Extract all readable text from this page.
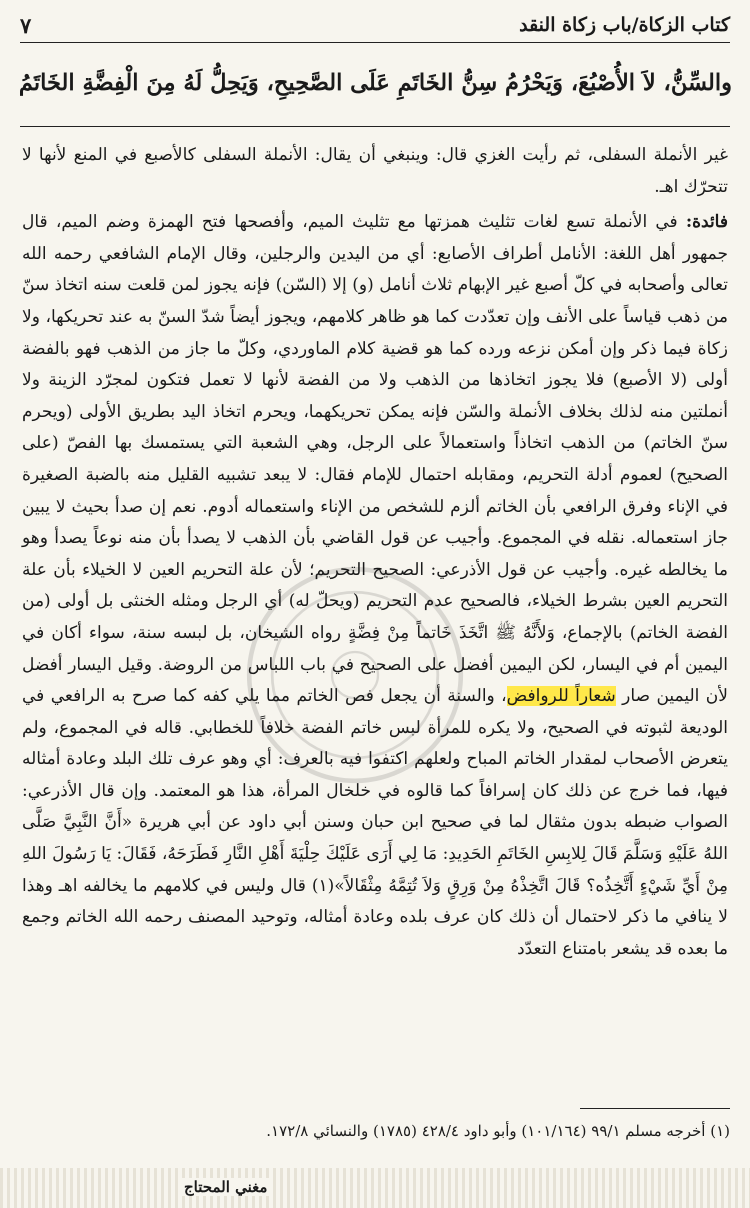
كتاب الزكاة/باب زكاة النقد
٧
والسِّنُّ، لاَ الأُصْبُعَ، وَيَحْرُمُ سِنُّ الخَاتَمِ عَلَى الصَّحِيحِ، وَيَحِلُّ لَهُ مِنَ الْفِضَّةِ الخَاتَمُ

غير الأنملة السفلى، ثم رأيت الغزي قال: وينبغي أن يقال: الأنملة السفلى كالأصبع في المنع لأنها لا تتحرّك اهـ.

فائدة: في الأنملة تسع لغات تثليث همزتها مع تثليث الميم، وأفصحها فتح الهمزة وضم الميم، قال جمهور أهل اللغة: الأنامل أطراف الأصابع: أي من اليدين والرجلين، وقال الإمام الشافعي رحمه الله تعالى وأصحابه في كلّ أصبع غير الإبهام ثلاث أنامل (و) إلا (السّن) فإنه يجوز لمن قلعت سنه اتخاذ سنّ من ذهب قياساً على الأنف وإن تعدّدت كما هو ظاهر كلامهم، ويجوز أيضاً شدّ السنّ به عند تحريكها، ولا زكاة فيما ذكر وإن أمكن نزعه ورده كما هو قضية كلام الماوردي، وكلّ ما جاز من الذهب فهو بالفضة أولى (لا الأصبع) فلا يجوز اتخاذها من الذهب ولا من الفضة لأنها لا تعمل فتكون لمجرّد الزينة ولا أنملتين منه لذلك بخلاف الأنملة والسّن فإنه يمكن تحريكهما، ويحرم اتخاذ اليد بطريق الأولى (ويحرم سنّ الخاتم) من الذهب اتخاذاً واستعمالاً على الرجل، وهي الشعبة التي يستمسك بها الفصّ (على الصحيح) لعموم أدلة التحريم، ومقابله احتمال للإمام فقال: لا يبعد تشبيه القليل منه بالضبة الصغيرة في الإناء وفرق الرافعي بأن الخاتم ألزم للشخص من الإناء واستعماله أدوم. نعم إن صدأ بحيث لا يبين جاز استعماله. نقله في المجموع. وأجيب عن قول القاضي بأن الذهب لا يصدأ بأن منه نوعاً يصدأ وهو ما يخالطه غيره. وأجيب عن قول الأذرعي: الصحيح التحريم؛ لأن علة التحريم العين لا الخيلاء بأن علة التحريم العين بشرط الخيلاء، فالصحيح عدم التحريم (ويحلّ له) أي الرجل ومثله الخنثى بل أولى (من الفضة الخاتم) بالإجماع، وَلأَنَّهُ ﷺ اتَّخَذَ خَاتماً مِنْ فِضَّةٍ رواه الشيخان، بل لبسه سنة، سواء أكان في اليمين أم في اليسار، لكن اليمين أفضل على الصحيح في باب اللباس من الروضة. وقيل اليسار أفضل لأن اليمين صار شعاراً للروافض، والسنة أن يجعل فص الخاتم مما يلي كفه كما صرح به الرافعي في الوديعة لثبوته في الصحيح، ولا يكره للمرأة لبس خاتم الفضة خلافاً للخطابي. قاله في المجموع، ولم يتعرض الأصحاب لمقدار الخاتم المباح ولعلهم اكتفوا فيه بالعرف: أي وهو عرف تلك البلد وعادة أمثاله فيها، فما خرج عن ذلك كان إسرافاً كما قالوه في خلخال المرأة، هذا هو المعتمد. وإن قال الأذرعي: الصواب ضبطه بدون مثقال لما في صحيح ابن حبان وسنن أبي داود عن أبي هريرة «أَنَّ النَّبِيَّ صَلَّى اللهُ عَلَيْهِ وَسَلَّمَ قَالَ لِلابِسِ الخَاتَمِ الحَدِيدِ: مَا لِي أَرَى عَلَيْكَ حِلْيَةَ أَهْلِ النَّارِ فَطَرَحَهُ، فَقَالَ: يَا رَسُولَ اللهِ مِنْ أَيِّ شَيْءٍ أَتَّخِذُه؟ قَالَ اتَّخِذْهُ مِنْ وَرِقٍ وَلاَ تُتِمَّهُ مِثْقَالاً»(١) قال وليس في كلامهم ما يخالفه اهـ وهذا لا ينافي ما ذكر لاحتمال أن ذلك كان عرف بلده وعادة أمثاله، وتوحيد المصنف رحمه الله الخاتم وجمع ما بعده قد يشعر بامتناع التعدّد

(١) أخرجه مسلم ٩٩/١ (١٠١/١٦٤) وأبو داود ٤٢٨/٤ (١٧٨٥) والنسائي ١٧٢/٨.
مغني المحتاج
